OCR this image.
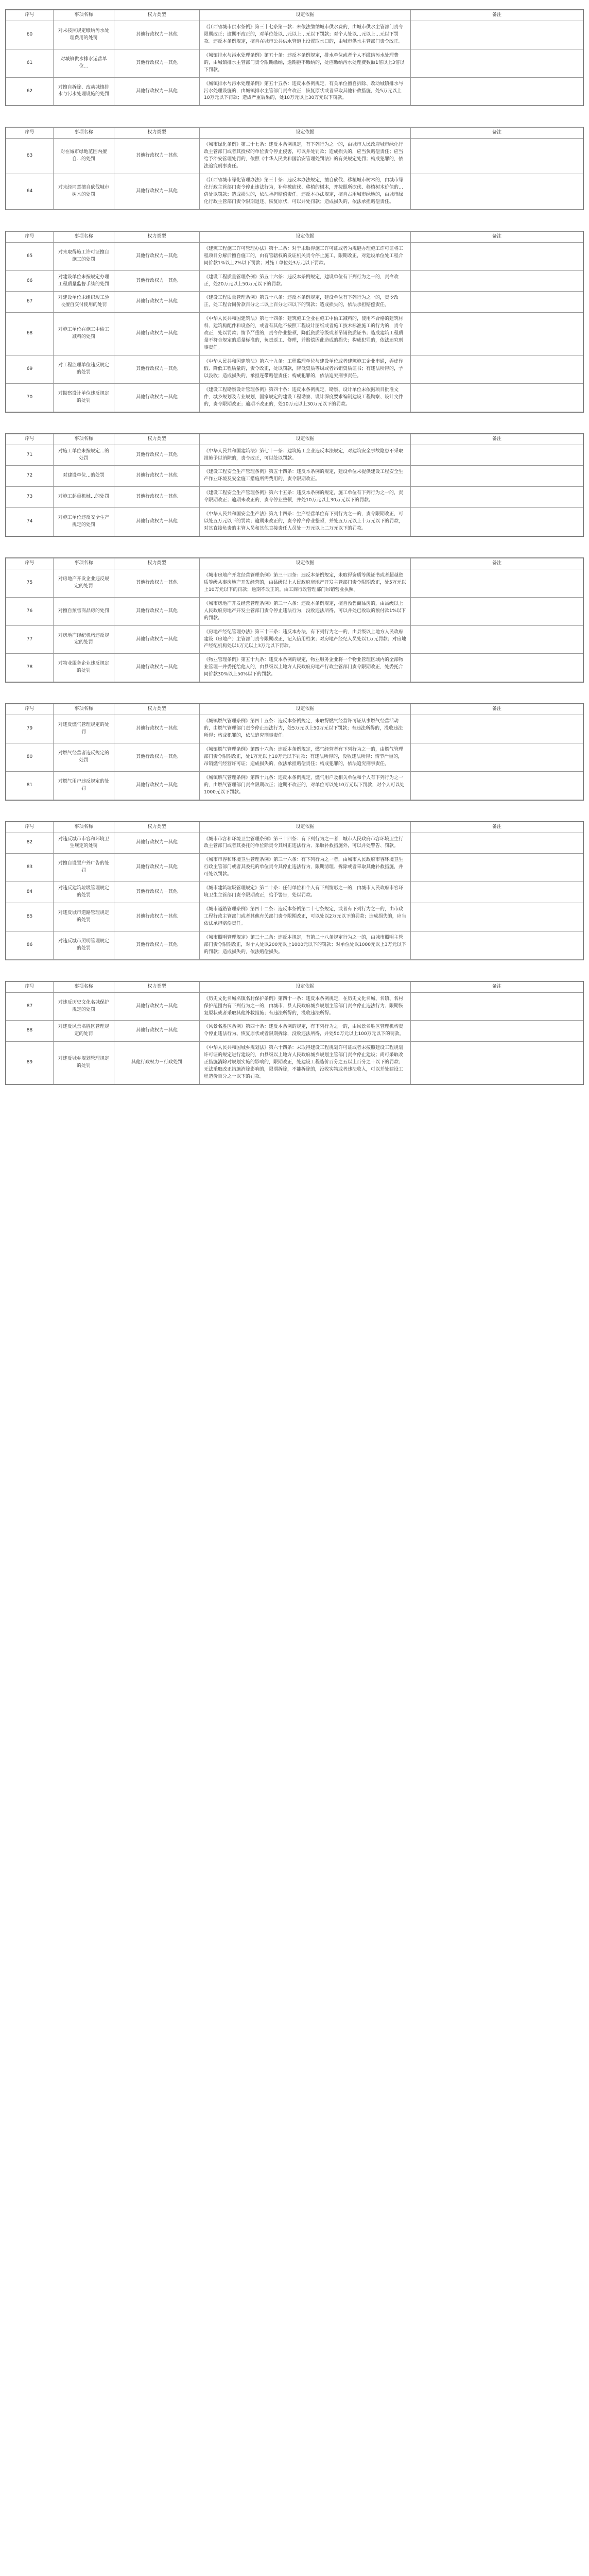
序号	事项名称	权力类型	设定依据	备注
60	对未按照规定缴纳污水处理费用的处罚	其他行政权力－其他	《江西省城市供水条例》第三十七条第一款：未依法缴纳城市供水费的，由城市供水主管部门责令限期改正；逾期不改正的，对单位处以…元以上…元以下罚款；对个人处以…元以上…元以下罚款。违反本条例规定，擅自在城市公共供水管道上设置取水口的，由城市供水主管部门责令改正。	
61	对城镇供水排水运营单位…	其他行政权力－其他	《城镇排水与污水处理条例》第五十条：违反本条例规定，排水单位或者个人不缴纳污水处理费的，由城镇排水主管部门责令限期缴纳，逾期拒不缴纳的，处应缴纳污水处理费数额1倍以上3倍以下罚款。	
62	对擅自拆除、改动城镇排水与污水处理设施的处罚	其他行政权力－其他	《城镇排水与污水处理条例》第五十五条：违反本条例规定，有关单位擅自拆除、改动城镇排水与污水处理设施的，由城镇排水主管部门责令改正，恢复原状或者采取其他补救措施，处5万元以上10万元以下罚款；造成严重后果的，处10万元以上30万元以下罚款。	
序号	事项名称	权力类型	设定依据	备注
63	对在城市绿地范围内擅自…的处罚	其他行政权力－其他	《城市绿化条例》第二十七条：违反本条例规定，有下列行为之一的，由城市人民政府城市绿化行政主管部门或者其授权的单位责令停止侵害，可以并处罚款；造成损失的，应当负赔偿责任；应当给予治安管理处罚的，依照《中华人民共和国治安管理处罚法》的有关规定处罚；构成犯罪的，依法追究刑事责任。	
64	对未经同意擅自砍伐城市树木的处罚	其他行政权力－其他	《江西省城市绿化管理办法》第三十条：违反本办法规定，擅自砍伐、移植城市树木的，由城市绿化行政主管部门责令停止违法行为，补种被砍伐、移植的树木，并按照所砍伐、移植树木价值的…倍处以罚款；造成损失的，依法承担赔偿责任。违反本办法规定，擅自占用城市绿地的，由城市绿化行政主管部门责令限期退还、恢复原状，可以并处罚款；造成损失的，依法承担赔偿责任。	
序号	事项名称	权力类型	设定依据	备注
65	对未取得施工许可证擅自施工的处罚	其他行政权力－其他	《建筑工程施工许可管理办法》第十二条：对于未取得施工许可证或者为规避办理施工许可证将工程项目分解后擅自施工的，由有管辖权的发证机关责令停止施工，限期改正，对建设单位处工程合同价款1%以上2%以下罚款；对施工单位处3万元以下罚款。	
66	对建设单位未按规定办理工程质量监督手续的处罚	其他行政权力－其他	《建设工程质量管理条例》第五十六条：违反本条例规定，建设单位有下列行为之一的，责令改正，处20万元以上50万元以下的罚款。	
67	对建设单位未组织竣工验收擅自交付使用的处罚	其他行政权力－其他	《建设工程质量管理条例》第五十八条：违反本条例规定，建设单位有下列行为之一的，责令改正，处工程合同价款百分之二以上百分之四以下的罚款；造成损失的，依法承担赔偿责任。	
68	对施工单位在施工中偷工减料的处罚	其他行政权力－其他	《中华人民共和国建筑法》第七十四条：建筑施工企业在施工中偷工减料的，使用不合格的建筑材料、建筑构配件和设备的，或者有其他不按照工程设计图纸或者施工技术标准施工的行为的，责令改正，处以罚款；情节严重的，责令停业整顿，降低资质等级或者吊销资质证书；造成建筑工程质量不符合规定的质量标准的，负责返工、修理，并赔偿因此造成的损失；构成犯罪的，依法追究刑事责任。	
69	对工程监理单位违反规定的处罚	其他行政权力－其他	《中华人民共和国建筑法》第六十九条：工程监理单位与建设单位或者建筑施工企业串通，弄虚作假、降低工程质量的，责令改正，处以罚款，降低资质等级或者吊销资质证书；有违法所得的，予以没收；造成损失的，承担连带赔偿责任；构成犯罪的，依法追究刑事责任。	
70	对勘察设计单位违反规定的处罚	其他行政权力－其他	《建设工程勘察设计管理条例》第四十条：违反本条例规定，勘察、设计单位未依据项目批准文件，城乡规划及专业规划，国家规定的建设工程勘察、设计深度要求编制建设工程勘察、设计文件的，责令限期改正；逾期不改正的，处10万元以上30万元以下的罚款。	
序号	事项名称	权力类型	设定依据	备注
71	对施工单位未按规定…的处罚	其他行政权力－其他	《中华人民共和国建筑法》第七十一条：建筑施工企业违反本法规定，对建筑安全事故隐患不采取措施予以消除的，责令改正，可以处以罚款。	
72	对建设单位…的处罚	其他行政权力－其他	《建设工程安全生产管理条例》第五十四条：违反本条例的规定，建设单位未提供建设工程安全生产作业环境及安全施工措施所需费用的，责令限期改正。	
73	对施工起重机械…的处罚	其他行政权力－其他	《建设工程安全生产管理条例》第六十五条：违反本条例的规定，施工单位有下列行为之一的，责令限期改正；逾期未改正的，责令停业整顿，并处10万元以上30万元以下的罚款。	
74	对施工单位违反安全生产规定的处罚	其他行政权力－其他	《中华人民共和国安全生产法》第九十四条：生产经营单位有下列行为之一的，责令限期改正，可以处五万元以下的罚款；逾期未改正的，责令停产停业整顿，并处五万元以上十万元以下的罚款，对其直接负责的主管人员和其他直接责任人员处一万元以上二万元以下的罚款。	
序号	事项名称	权力类型	设定依据	备注
75	对房地产开发企业违反规定的处罚	其他行政权力－其他	《城市房地产开发经营管理条例》第三十四条：违反本条例规定，未取得资质等级证书或者超越资质等级从事房地产开发经营的，由县级以上人民政府房地产开发主管部门责令限期改正，处5万元以上10万元以下的罚款；逾期不改正的，由工商行政管理部门吊销营业执照。	
76	对擅自预售商品房的处罚	其他行政权力－其他	《城市房地产开发经营管理条例》第三十六条：违反本条例规定，擅自预售商品房的，由县级以上人民政府房地产开发主管部门责令停止违法行为，没收违法所得，可以并处已收取的预付款1%以下的罚款。	
77	对房地产经纪机构违反规定的处罚	其他行政权力－其他	《房地产经纪管理办法》第三十三条：违反本办法，有下列行为之一的，由县级以上地方人民政府建设（房地产）主管部门责令限期改正，记入信用档案；对房地产经纪人员处以1万元罚款；对房地产经纪机构处以1万元以上3万元以下罚款。	
78	对物业服务企业违反规定的处罚	其他行政权力－其他	《物业管理条例》第五十九条：违反本条例的规定，物业服务企业将一个物业管理区域内的全部物业管理一并委托给他人的，由县级以上地方人民政府房地产行政主管部门责令限期改正，处委托合同价款30%以上50%以下的罚款。	
序号	事项名称	权力类型	设定依据	备注
79	对违反燃气管理规定的处罚	其他行政权力－其他	《城镇燃气管理条例》第四十五条：违反本条例规定，未取得燃气经营许可证从事燃气经营活动的，由燃气管理部门责令停止违法行为，处5万元以上50万元以下罚款；有违法所得的，没收违法所得；构成犯罪的，依法追究刑事责任。	
80	对燃气经营者违反规定的处罚	其他行政权力－其他	《城镇燃气管理条例》第四十六条：违反本条例规定，燃气经营者有下列行为之一的，由燃气管理部门责令限期改正，处1万元以上10万元以下罚款；有违法所得的，没收违法所得；情节严重的，吊销燃气经营许可证；造成损失的，依法承担赔偿责任；构成犯罪的，依法追究刑事责任。	
81	对燃气用户违反规定的处罚	其他行政权力－其他	《城镇燃气管理条例》第四十九条：违反本条例规定，燃气用户及相关单位和个人有下列行为之一的，由燃气管理部门责令限期改正；逾期不改正的，对单位可以处10万元以下罚款，对个人可以处1000元以下罚款。	
序号	事项名称	权力类型	设定依据	备注
82	对违反城市市容和环境卫生规定的处罚	其他行政权力－其他	《城市市容和环境卫生管理条例》第三十四条：有下列行为之一者，城市人民政府市容环境卫生行政主管部门或者其委托的单位除责令其纠正违法行为、采取补救措施外，可以并处警告、罚款。	
83	对擅自设置户外广告的处罚	其他行政权力－其他	《城市市容和环境卫生管理条例》第三十六条：有下列行为之一者，由城市人民政府市容环境卫生行政主管部门或者其委托的单位责令其停止违法行为，限期清理、拆除或者采取其他补救措施，并可处以罚款。	
84	对违反建筑垃圾管理规定的处罚	其他行政权力－其他	《城市建筑垃圾管理规定》第二十条：任何单位和个人有下列情形之一的，由城市人民政府市容环境卫生主管部门责令限期改正，给予警告，处以罚款。	
85	对违反城市道路管理规定的处罚	其他行政权力－其他	《城市道路管理条例》第四十二条：违反本条例第二十七条规定，或者有下列行为之一的，由市政工程行政主管部门或者其他有关部门责令限期改正，可以处以2万元以下的罚款；造成损失的，应当依法承担赔偿责任。	
86	对违反城市照明管理规定的处罚	其他行政权力－其他	《城市照明管理规定》第三十二条：违反本规定，有第二十八条规定行为之一的，由城市照明主管部门责令限期改正，对个人处以200元以上1000元以下的罚款；对单位处以1000元以上3万元以下的罚款；造成损失的，依法赔偿损失。	
序号	事项名称	权力类型	设定依据	备注
87	对违反历史文化名城保护规定的处罚	其他行政权力－其他	《历史文化名城名镇名村保护条例》第四十一条：违反本条例规定，在历史文化名城、名镇、名村保护范围内有下列行为之一的，由城市、县人民政府城乡规划主管部门责令停止违法行为、限期恢复原状或者采取其他补救措施；有违法所得的，没收违法所得。	
88	对违反风景名胜区管理规定的处罚	其他行政权力－其他	《风景名胜区条例》第四十条：违反本条例的规定，有下列行为之一的，由风景名胜区管理机构责令停止违法行为、恢复原状或者限期拆除，没收违法所得，并处50万元以上100万元以下的罚款。	
89	对违反城乡规划管理规定的处罚	其他行政权力－行政处罚	《中华人民共和国城乡规划法》第六十四条：未取得建设工程规划许可证或者未按照建设工程规划许可证的规定进行建设的，由县级以上地方人民政府城乡规划主管部门责令停止建设；尚可采取改正措施消除对规划实施的影响的，限期改正，处建设工程造价百分之五以上百分之十以下的罚款；无法采取改正措施消除影响的，限期拆除，不能拆除的，没收实物或者违法收入，可以并处建设工程造价百分之十以下的罚款。	
